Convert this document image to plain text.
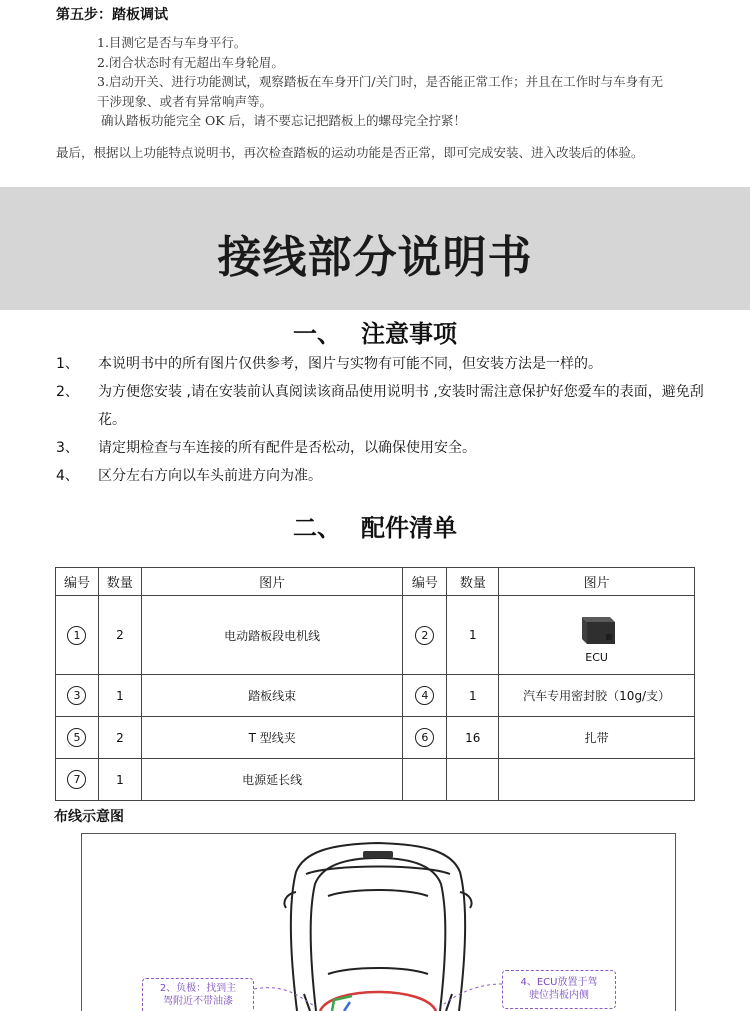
第五步：踏板调试

1.目测它是否与车身平行。

2.闭合状态时有无超出车身轮眉。

3.启动开关、进行功能测试，观察踏板在车身开门/关门时，是否能正常工作；并且在工作时与车身有无

干涉现象、或者有异常响声等。

确认踏板功能完全 OK 后，请不要忘记把踏板上的螺母完全拧紧！

最后，根据以上功能特点说明书，再次检查踏板的运动功能是否正常，即可完成安装、进入改装后的体验。
接线部分说明书
一、 注意事项
1、 本说明书中的所有图片仅供参考，图片与实物有可能不同，但安装方法是一样的。
2、 为方便您安装 ,请在安装前认真阅读该商品使用说明书 ,安装时需注意保护好您爱车的表面，避免刮花。
3、 请定期检查与车连接的所有配件是否松动，以确保使用安全。
4、 区分左右方向以车头前进方向为准。
二、 配件清单
编号	数量	图片	编号	数量	图片
1	2	电动踏板段电机线	2	1	ECU

3	1	踏板线束	4	1	汽车专用密封胶（10g/支）
5	2	T 型线夹	6	16	扎带
7	1	电源延长线			
布线示意图
2、负极：找到主
驾附近不带油漆
4、ECU放置于驾
驶位挡板内侧
